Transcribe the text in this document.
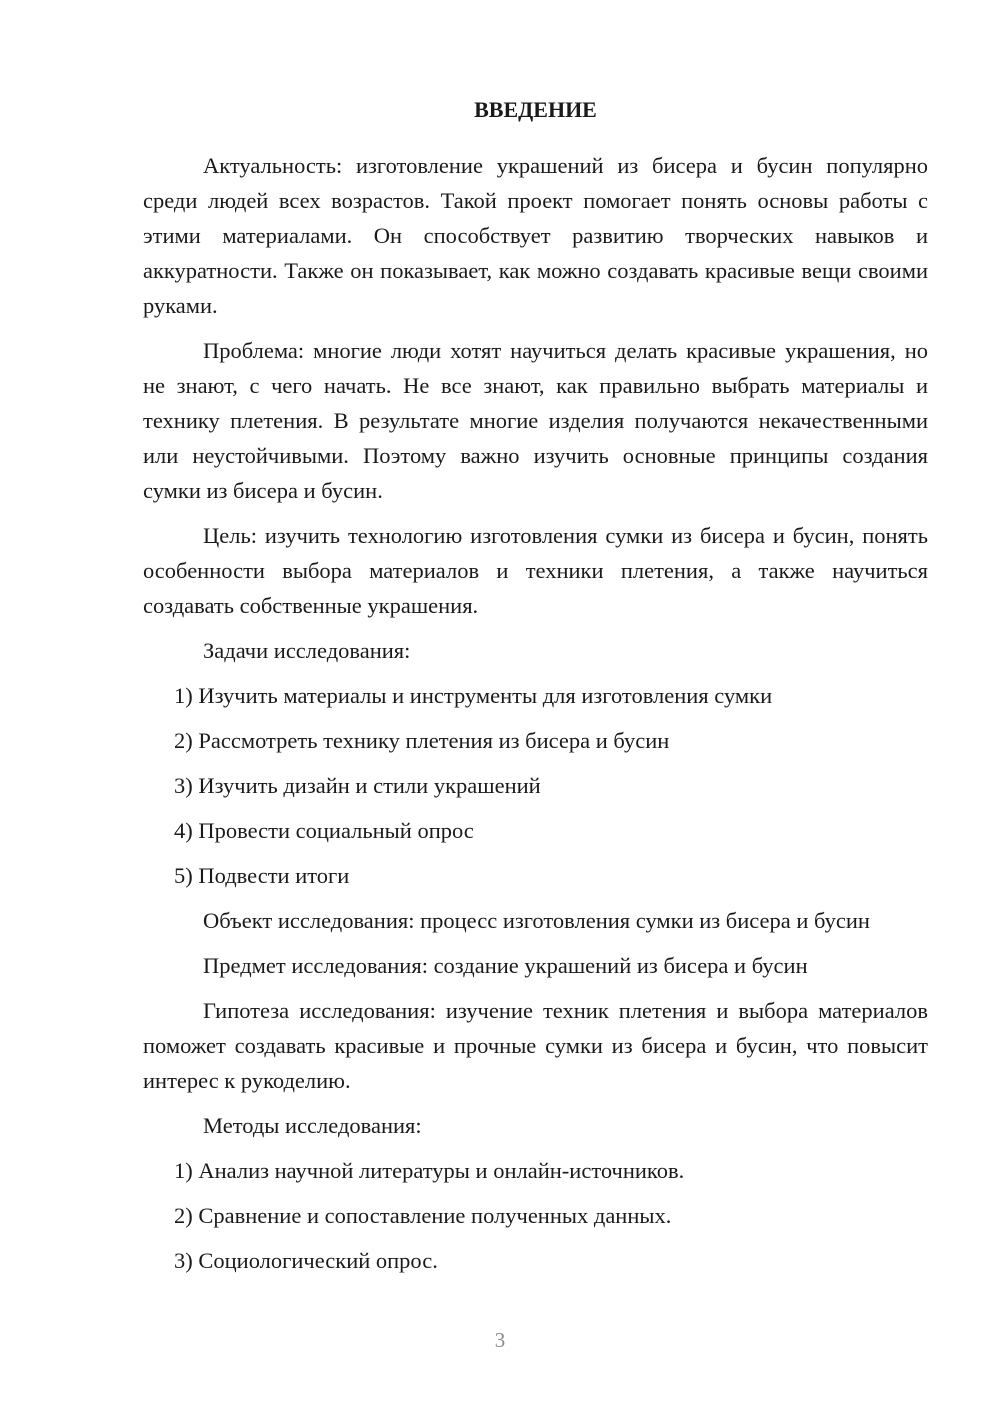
ВВЕДЕНИЕ

Актуальность: изготовление украшений из бисера и бусин популярно среди людей всех возрастов. Такой проект помогает понять основы работы с этими материалами. Он способствует развитию творческих навыков и аккуратности. Также он показывает, как можно создавать красивые вещи своими руками.

Проблема: многие люди хотят научиться делать красивые украшения, но не знают, с чего начать. Не все знают, как правильно выбрать материалы и технику плетения. В результате многие изделия получаются некачественными или неустойчивыми. Поэтому важно изучить основные принципы создания сумки из бисера и бусин.

Цель: изучить технологию изготовления сумки из бисера и бусин, понять особенности выбора материалов и техники плетения, а также научиться создавать собственные украшения.

Задачи исследования:

1) Изучить материалы и инструменты для изготовления сумки

2) Рассмотреть технику плетения из бисера и бусин

3) Изучить дизайн и стили украшений

4) Провести социальный опрос

5) Подвести итоги

Объект исследования: процесс изготовления сумки из бисера и бусин

Предмет исследования: создание украшений из бисера и бусин

Гипотеза исследования: изучение техник плетения и выбора материалов поможет создавать красивые и прочные сумки из бисера и бусин, что повысит интерес к рукоделию.

Методы исследования:

1) Анализ научной литературы и онлайн-источников.

2) Сравнение и сопоставление полученных данных.

3) Социологический опрос.

3
